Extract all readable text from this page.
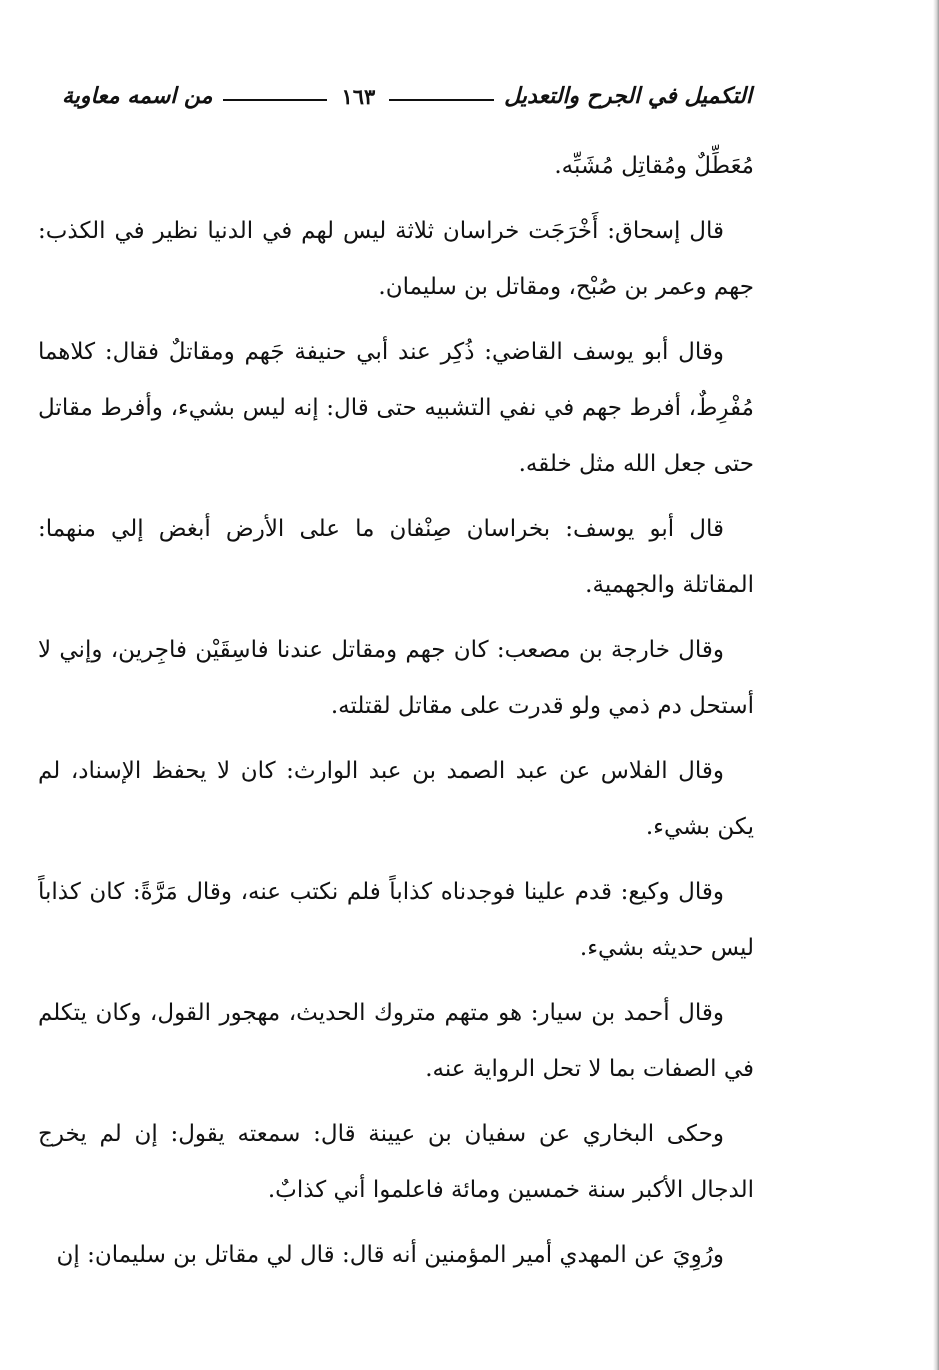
من اسمه معاوية	١٦٣	التكميل في الجرح والتعديل

مُعَطِّلٌ ومُقاتِل مُشَبِّه.

قال إسحاق: أَخْرَجَت خراسان ثلاثة ليس لهم في الدنيا نظير في الكذب: جهم وعمر بن صُبْح، ومقاتل بن سليمان.

وقال أبو يوسف القاضي: ذُكِر عند أبي حنيفة جَهم ومقاتلٌ فقال: كلاهما مُفْرِطٌ، أفرط جهم في نفي التشبيه حتى قال: إنه ليس بشيء، وأفرط مقاتل حتى جعل الله مثل خلقه.

قال أبو يوسف: بخراسان صِنْفان ما على الأرض أبغض إلي منهما: المقاتلة والجهمية.

وقال خارجة بن مصعب: كان جهم ومقاتل عندنا فاسِقَيْن فاجِرين، وإني لا أستحل دم ذمي ولو قدرت على مقاتل لقتلته.

وقال الفلاس عن عبد الصمد بن عبد الوارث: كان لا يحفظ الإسناد، لم يكن بشيء.

وقال وكيع: قدم علينا فوجدناه كذاباً فلم نكتب عنه، وقال مَرَّةً: كان كذاباً ليس حديثه بشيء.

وقال أحمد بن سيار: هو متهم متروك الحديث، مهجور القول، وكان يتكلم في الصفات بما لا تحل الرواية عنه.

وحكى البخاري عن سفيان بن عيينة قال: سمعته يقول: إن لم يخرج الدجال الأكبر سنة خمسين ومائة فاعلموا أني كذابٌ.

ورُوِيَ عن المهدي أمير المؤمنين أنه قال: قال لي مقاتل بن سليمان: إن
